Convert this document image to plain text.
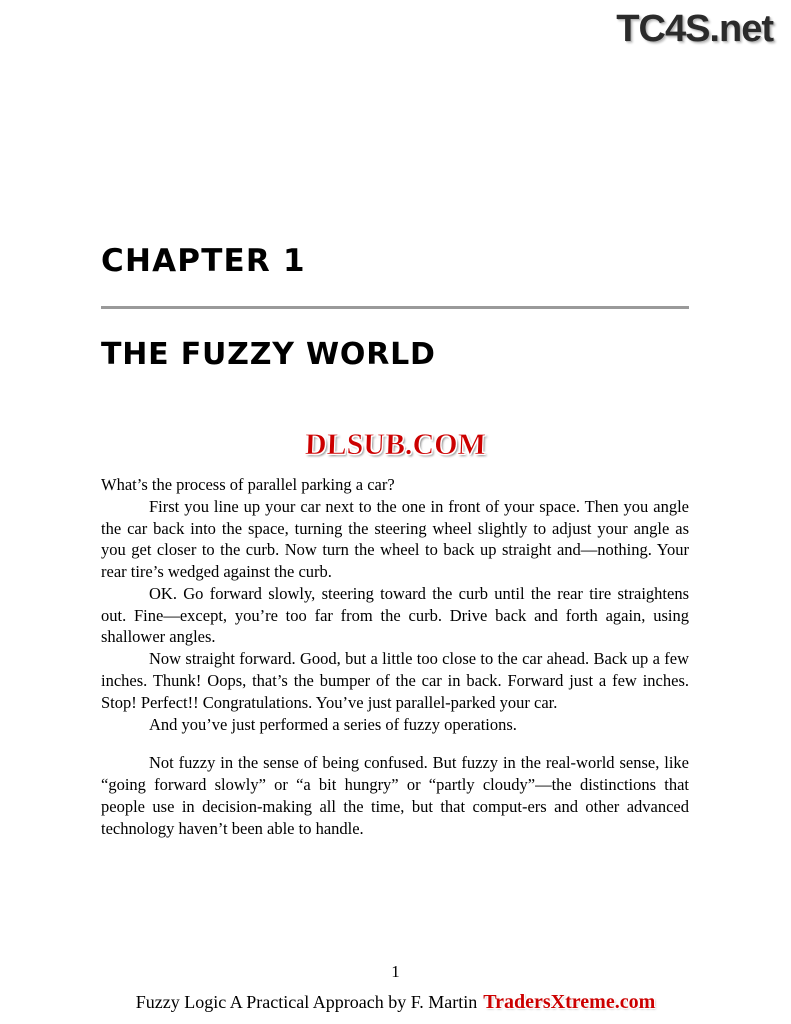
TC4S.net
CHAPTER 1
THE FUZZY WORLD
DLSUB.COM

What’s the process of parallel parking a car?

First you line up your car next to the one in front of your space. Then you angle the car back into the space, turning the steering wheel slightly to adjust your angle as you get closer to the curb. Now turn the wheel to back up straight and—nothing. Your rear tire’s wedged against the curb.

OK. Go forward slowly, steering toward the curb until the rear tire straightens out. Fine—except, you’re too far from the curb. Drive back and forth again, using shallower angles.

Now straight forward. Good, but a little too close to the car ahead. Back up a few inches. Thunk! Oops, that’s the bumper of the car in back. Forward just a few inches. Stop! Perfect!! Congratulations. You’ve just parallel-parked your car.

And you’ve just performed a series of fuzzy operations.

Not fuzzy in the sense of being confused. But fuzzy in the real-world sense, like “going forward slowly” or “a bit hungry” or “partly cloudy”—the distinctions that people use in decision-making all the time, but that comput-ers and other advanced technology haven’t been able to handle.

1
Fuzzy Logic A Practical Approach by F. Martin TradersXtreme.com
